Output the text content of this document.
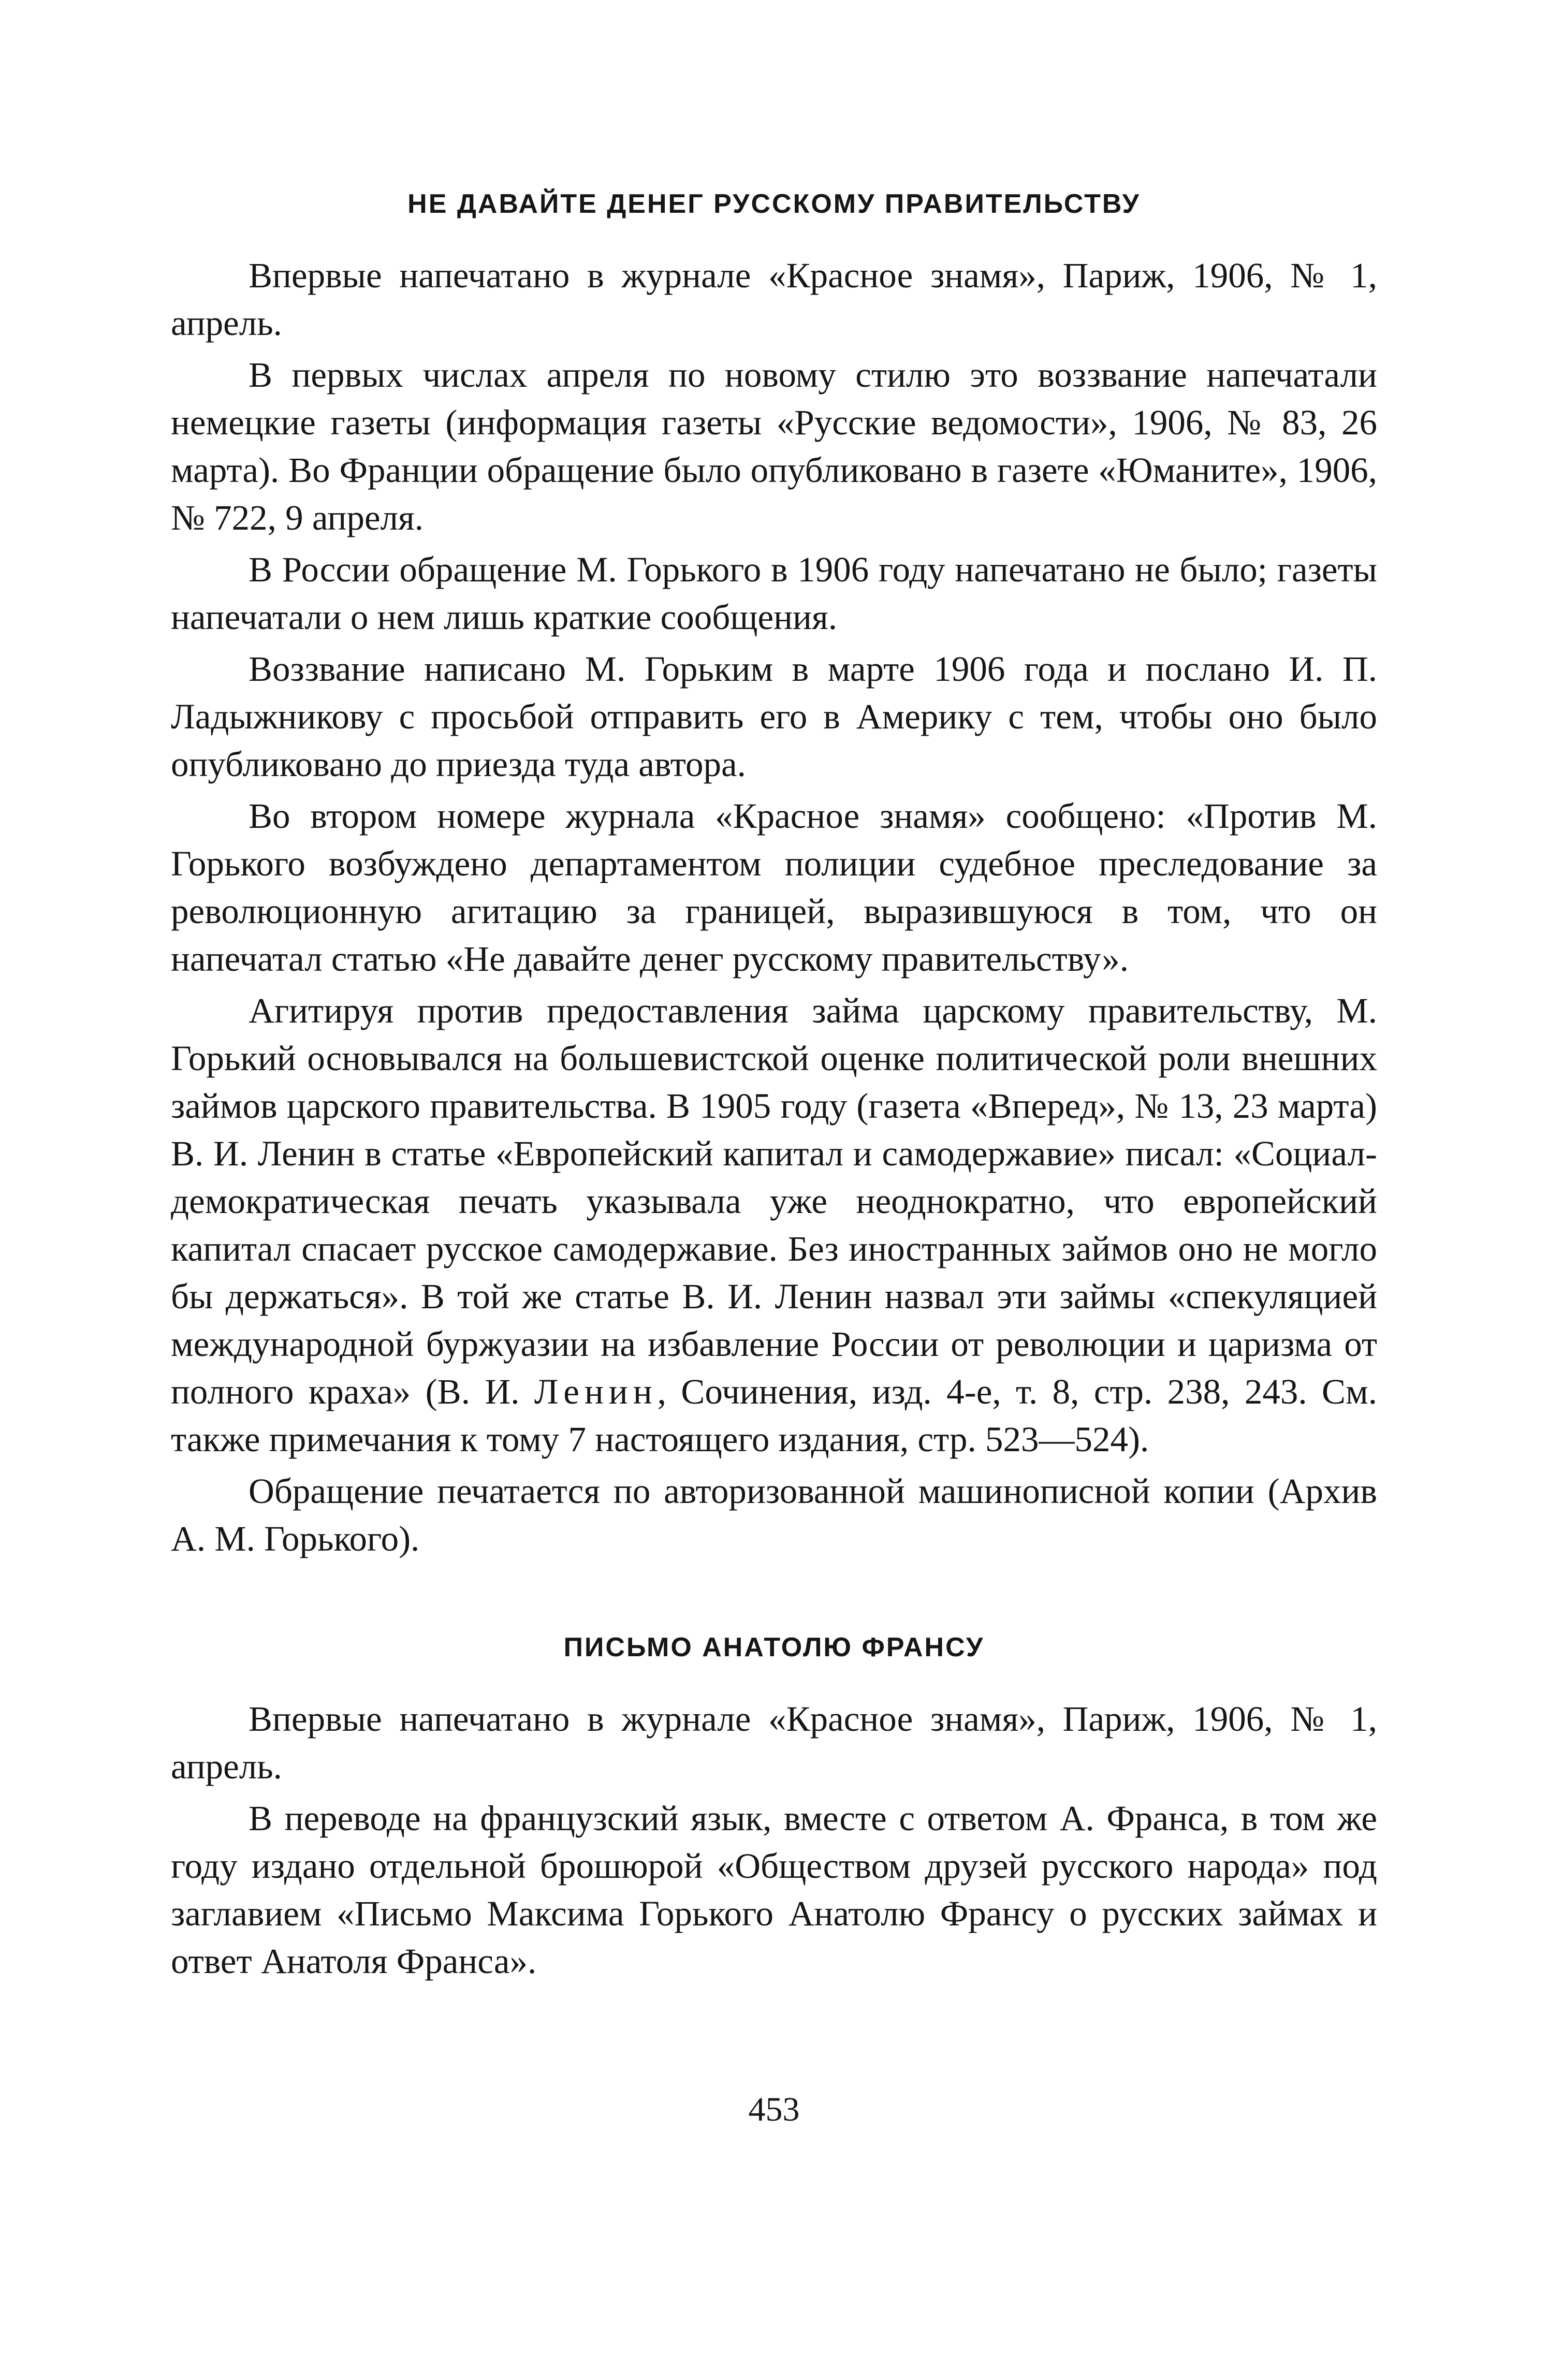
НЕ ДАВАЙТЕ ДЕНЕГ РУССКОМУ ПРАВИТЕЛЬСТВУ

Впервые напечатано в журнале «Красное знамя», Париж, 1906, № 1, апрель.

В первых числах апреля по новому стилю это воззвание напечатали немецкие газеты (информация газеты «Русские ведомости», 1906, № 83, 26 марта). Во Франции обращение было опубликовано в газете «Юманите», 1906, № 722, 9 апреля.

В России обращение М. Горького в 1906 году напечатано не было; газеты напечатали о нем лишь краткие сообщения.

Воззвание написано М. Горьким в марте 1906 года и послано И. П. Ладыжникову с просьбой отправить его в Америку с тем, чтобы оно было опубликовано до приезда туда автора.

Во втором номере журнала «Красное знамя» сообщено: «Против М. Горького возбуждено департаментом полиции судебное преследование за революционную агитацию за границей, выразившуюся в том, что он напечатал статью «Не давайте денег русскому правительству».

Агитируя против предоставления займа царскому правительству, М. Горький основывался на большевистской оценке политической роли внешних займов царского правительства. В 1905 году (газета «Вперед», № 13, 23 марта) В. И. Ленин в статье «Европейский капитал и самодержавие» писал: «Социал-демократическая печать указывала уже неоднократно, что европейский капитал спасает русское самодержавие. Без иностранных займов оно не могло бы держаться». В той же статье В. И. Ленин назвал эти займы «спекуляцией международной буржуазии на избавление России от революции и царизма от полного краха» (В. И. Ленин, Сочинения, изд. 4-е, т. 8, стр. 238, 243. См. также примечания к тому 7 настоящего издания, стр. 523—524).

Обращение печатается по авторизованной машинописной копии (Архив А. М. Горького).

ПИСЬМО АНАТОЛЮ ФРАНСУ

Впервые напечатано в журнале «Красное знамя», Париж, 1906, № 1, апрель.

В переводе на французский язык, вместе с ответом А. Франса, в том же году издано отдельной брошюрой «Обществом друзей русского народа» под заглавием «Письмо Максима Горького Анатолю Франсу о русских займах и ответ Анатоля Франса».

453
